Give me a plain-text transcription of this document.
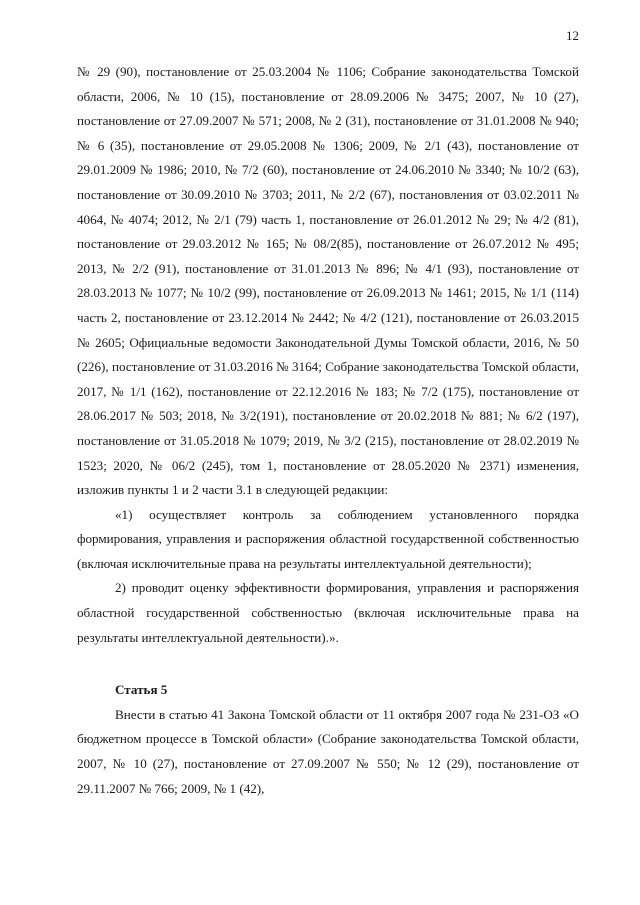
12

№ 29 (90), постановление от 25.03.2004 № 1106; Собрание законодательства Томской области, 2006, № 10 (15), постановление от 28.09.2006 № 3475; 2007, № 10 (27), постановление от 27.09.2007 № 571; 2008, № 2 (31), постановление от 31.01.2008 № 940; № 6 (35), постановление от 29.05.2008 № 1306; 2009, № 2/1 (43), постановление от 29.01.2009 № 1986; 2010, № 7/2 (60), постановление от 24.06.2010 № 3340; № 10/2 (63), постановление от 30.09.2010 № 3703; 2011, № 2/2 (67), постановления от 03.02.2011 № 4064, № 4074; 2012, № 2/1 (79) часть 1, постановление от 26.01.2012 № 29; № 4/2 (81), постановление от 29.03.2012 № 165; № 08/2(85), постановление от 26.07.2012 № 495; 2013, № 2/2 (91), постановление от 31.01.2013 № 896; № 4/1 (93), постановление от 28.03.2013 № 1077; № 10/2 (99), постановление от 26.09.2013 № 1461; 2015, № 1/1 (114) часть 2, постановление от 23.12.2014 № 2442; № 4/2 (121), постановление от 26.03.2015 № 2605; Официальные ведомости Законодательной Думы Томской области, 2016, № 50 (226), постановление от 31.03.2016 № 3164; Собрание законодательства Томской области, 2017, № 1/1 (162), постановление от 22.12.2016 № 183; № 7/2 (175), постановление от 28.06.2017 № 503; 2018, № 3/2(191), постановление от 20.02.2018 № 881; № 6/2 (197), постановление от 31.05.2018 № 1079; 2019, № 3/2 (215), постановление от 28.02.2019 № 1523; 2020, № 06/2 (245), том 1, постановление от 28.05.2020 № 2371) изменения, изложив пункты 1 и 2 части 3.1 в следующей редакции:

«1) осуществляет контроль за соблюдением установленного порядка формирования, управления и распоряжения областной государственной собственностью (включая исключительные права на результаты интеллектуальной деятельности);

2) проводит оценку эффективности формирования, управления и распоряжения областной государственной собственностью (включая исключительные права на результаты интеллектуальной деятельности).».

Статья 5

Внести в статью 41 Закона Томской области от 11 октября 2007 года № 231-ОЗ «О бюджетном процессе в Томской области» (Собрание законодательства Томской области, 2007, № 10 (27), постановление от 27.09.2007 № 550; № 12 (29), постановление от 29.11.2007 № 766; 2009, № 1 (42),
